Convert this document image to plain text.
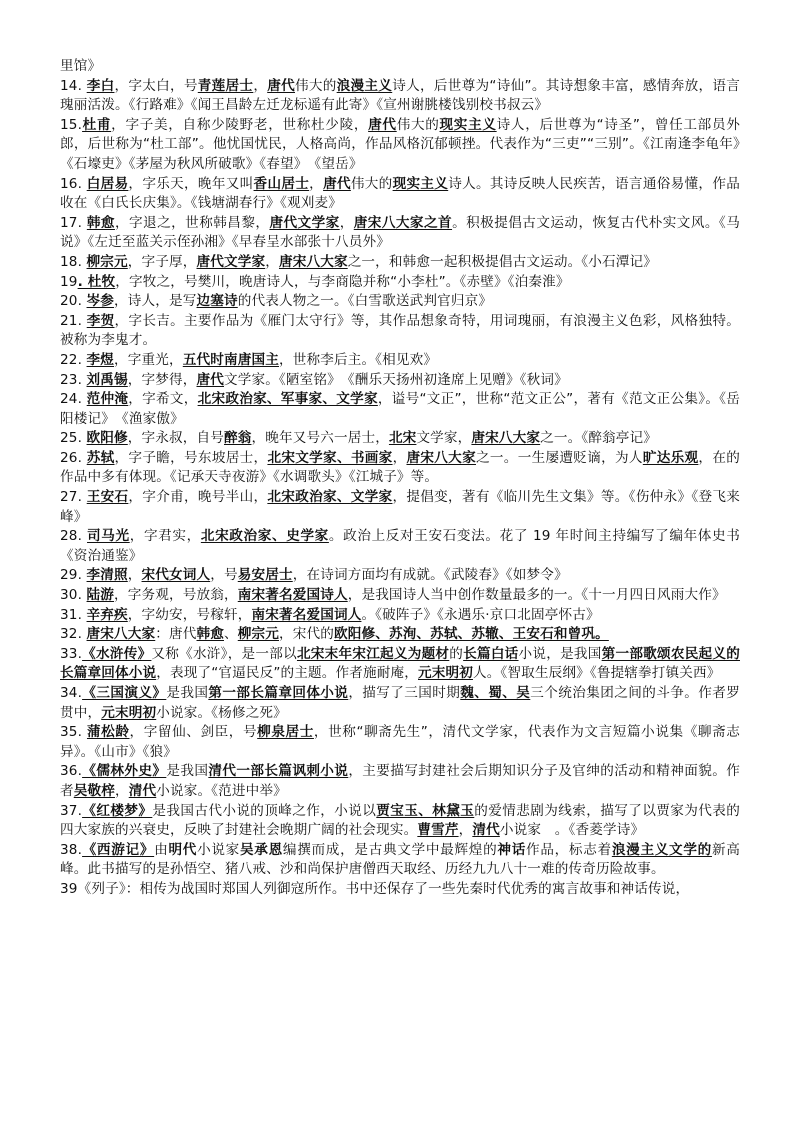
里馆》

14. 李白，字太白，号青莲居士，唐代伟大的浪漫主义诗人，后世尊为“诗仙”。其诗想象丰富，感情奔放，语言瑰丽活泼。《行路难》《闻王昌龄左迁龙标遥有此寄》《宣州谢朓楼饯别校书叔云》

15.杜甫，字子美，自称少陵野老，世称杜少陵，唐代伟大的现实主义诗人，后世尊为“诗圣”，曾任工部员外郎，后世称为“杜工部”。他忧国忧民，人格高尚，作品风格沉郁顿挫。代表作为“三吏”“三别”。《江南逢李龟年》《石壕吏》《茅屋为秋风所破歌》《春望》　《望岳》

16. 白居易，字乐天，晚年又叫香山居士，唐代伟大的现实主义诗人。其诗反映人民疾苦，语言通俗易懂，作品收在《白氏长庆集》。《钱塘湖春行》《观刈麦》

17. 韩愈，字退之，世称韩昌黎，唐代文学家，唐宋八大家之首。积极提倡古文运动，恢复古代朴实文风。《马说》《左迁至蓝关示侄孙湘》《早春呈水部张十八员外》

18. 柳宗元，字子厚，唐代文学家，唐宋八大家之一，和韩愈一起积极提倡古文运动。《小石潭记》

19. 杜牧，字牧之，号樊川，晚唐诗人，与李商隐并称“小李杜”。《赤壁》《泊秦淮》

20. 岑参，诗人，是写边塞诗的代表人物之一。《白雪歌送武判官归京》

21. 李贺，字长吉。主要作品为《雁门太守行》等，其作品想象奇特，用词瑰丽，有浪漫主义色彩，风格独特。被称为李鬼才。

22. 李煜，字重光，五代时南唐国主，世称李后主。《相见欢》

23. 刘禹锡，字梦得，唐代文学家。《陋室铭》　《酬乐天扬州初逢席上见赠》《秋词》

24. 范仲淹，字希文，北宋政治家、军事家、文学家，谥号“文正”，世称“范文正公”，著有《范文正公集》。《岳阳楼记》　《渔家傲》

25. 欧阳修，字永叔，自号醉翁，晚年又号六一居士，北宋文学家，唐宋八大家之一。《醉翁亭记》

26. 苏轼，字子瞻，号东坡居士，北宋文学家、书画家，唐宋八大家之一。一生屡遭贬谪，为人旷达乐观，在的作品中多有体现。《记承天寺夜游》《水调歌头》《江城子》等。

27. 王安石，字介甫，晚号半山，北宋政治家、文学家，提倡变，著有《临川先生文集》等。《伤仲永》《登飞来峰》

28. 司马光，字君实，北宋政治家、史学家。政治上反对王安石变法。花了 19 年时间主持编写了编年体史书《资治通鉴》

29. 李清照，宋代女词人，号易安居士，在诗词方面均有成就。《武陵春》《如梦令》

30. 陆游，字务观，号放翁，南宋著名爱国诗人，是我国诗人当中创作数量最多的一。《十一月四日风雨大作》

31. 辛弃疾，字幼安，号稼轩，南宋著名爱国词人。《破阵子》《永遇乐·京口北固亭怀古》

32. 唐宋八大家：唐代韩愈、柳宗元，宋代的欧阳修、苏洵、苏轼、苏辙、王安石和曾巩。

33.《水浒传》又称《水浒》，是一部以北宋末年宋江起义为题材的长篇白话小说，是我国第一部歌颂农民起义的长篇章回体小说，表现了“官逼民反”的主题。作者施耐庵，元末明初人。《智取生辰纲》《鲁提辖拳打镇关西》

34.《三国演义》是我国第一部长篇章回体小说，描写了三国时期魏、蜀、吴三个统治集团之间的斗争。作者罗贯中，元末明初小说家。《杨修之死》

35. 蒲松龄，字留仙、剑臣，号柳泉居士，世称“聊斋先生”，清代文学家，代表作为文言短篇小说集《聊斋志异》。《山市》《狼》

36.《儒林外史》是我国清代一部长篇讽刺小说，主要描写封建社会后期知识分子及官绅的活动和精神面貌。作者吴敬梓，清代小说家。《范进中举》

37.《红楼梦》是我国古代小说的顶峰之作，小说以贾宝玉、林黛玉的爱情悲剧为线索，描写了以贾家为代表的四大家族的兴衰史，反映了封建社会晚期广阔的社会现实。曹雪芹，清代小说家　。《香菱学诗》

38.《西游记》由明代小说家吴承恩编撰而成，是古典文学中最辉煌的神话作品，标志着浪漫主义文学的新高峰。此书描写的是孙悟空、猪八戒、沙和尚保护唐僧西天取经、历经九九八十一难的传奇历险故事。

39《列子》：相传为战国时郑国人列御寇所作。书中还保存了一些先秦时代优秀的寓言故事和神话传说，
